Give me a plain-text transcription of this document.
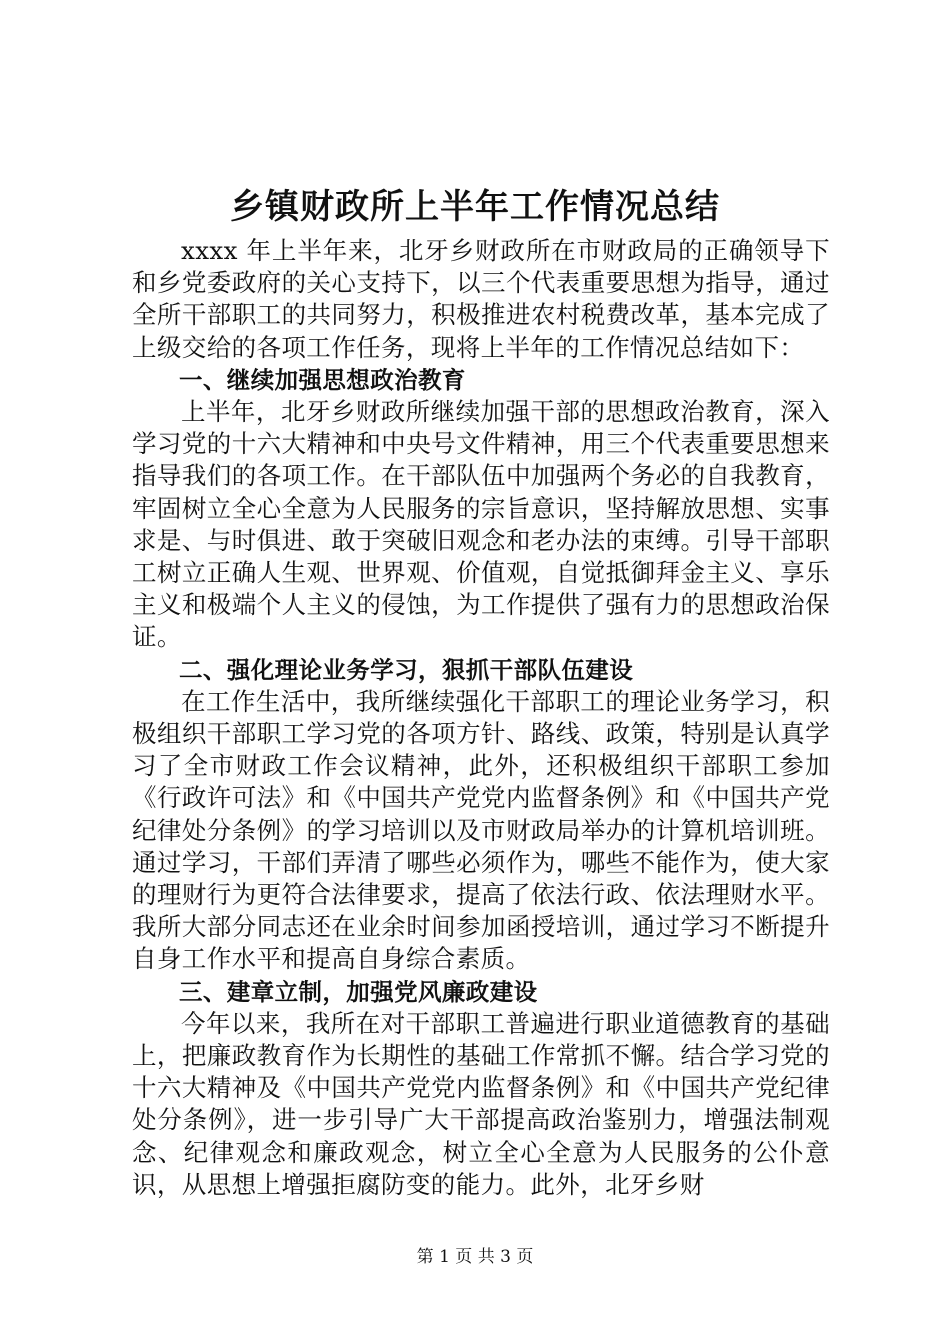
乡镇财政所上半年工作情况总结

xxxx 年上半年来，北牙乡财政所在市财政局的正确领导下和乡党委政府的关心支持下，以三个代表重要思想为指导，通过全所干部职工的共同努力，积极推进农村税费改革，基本完成了上级交给的各项工作任务，现将上半年的工作情况总结如下：

一、继续加强思想政治教育

上半年，北牙乡财政所继续加强干部的思想政治教育，深入学习党的十六大精神和中央号文件精神，用三个代表重要思想来指导我们的各项工作。在干部队伍中加强两个务必的自我教育，牢固树立全心全意为人民服务的宗旨意识，坚持解放思想、实事求是、与时俱进、敢于突破旧观念和老办法的束缚。引导干部职工树立正确人生观、世界观、价值观，自觉抵御拜金主义、享乐主义和极端个人主义的侵蚀，为工作提供了强有力的思想政治保证。

二、强化理论业务学习，狠抓干部队伍建设

在工作生活中，我所继续强化干部职工的理论业务学习，积极组织干部职工学习党的各项方针、路线、政策，特别是认真学习了全市财政工作会议精神，此外，还积极组织干部职工参加《行政许可法》和《中国共产党党内监督条例》和《中国共产党纪律处分条例》的学习培训以及市财政局举办的计算机培训班。通过学习，干部们弄清了哪些必须作为，哪些不能作为，使大家的理财行为更符合法律要求，提高了依法行政、依法理财水平。我所大部分同志还在业余时间参加函授培训，通过学习不断提升自身工作水平和提高自身综合素质。

三、建章立制，加强党风廉政建设

今年以来，我所在对干部职工普遍进行职业道德教育的基础上，把廉政教育作为长期性的基础工作常抓不懈。结合学习党的十六大精神及《中国共产党党内监督条例》和《中国共产党纪律处分条例》，进一步引导广大干部提高政治鉴别力，增强法制观念、纪律观念和廉政观念，树立全心全意为人民服务的公仆意识，从思想上增强拒腐防变的能力。此外，北牙乡财

第 1 页 共 3 页
